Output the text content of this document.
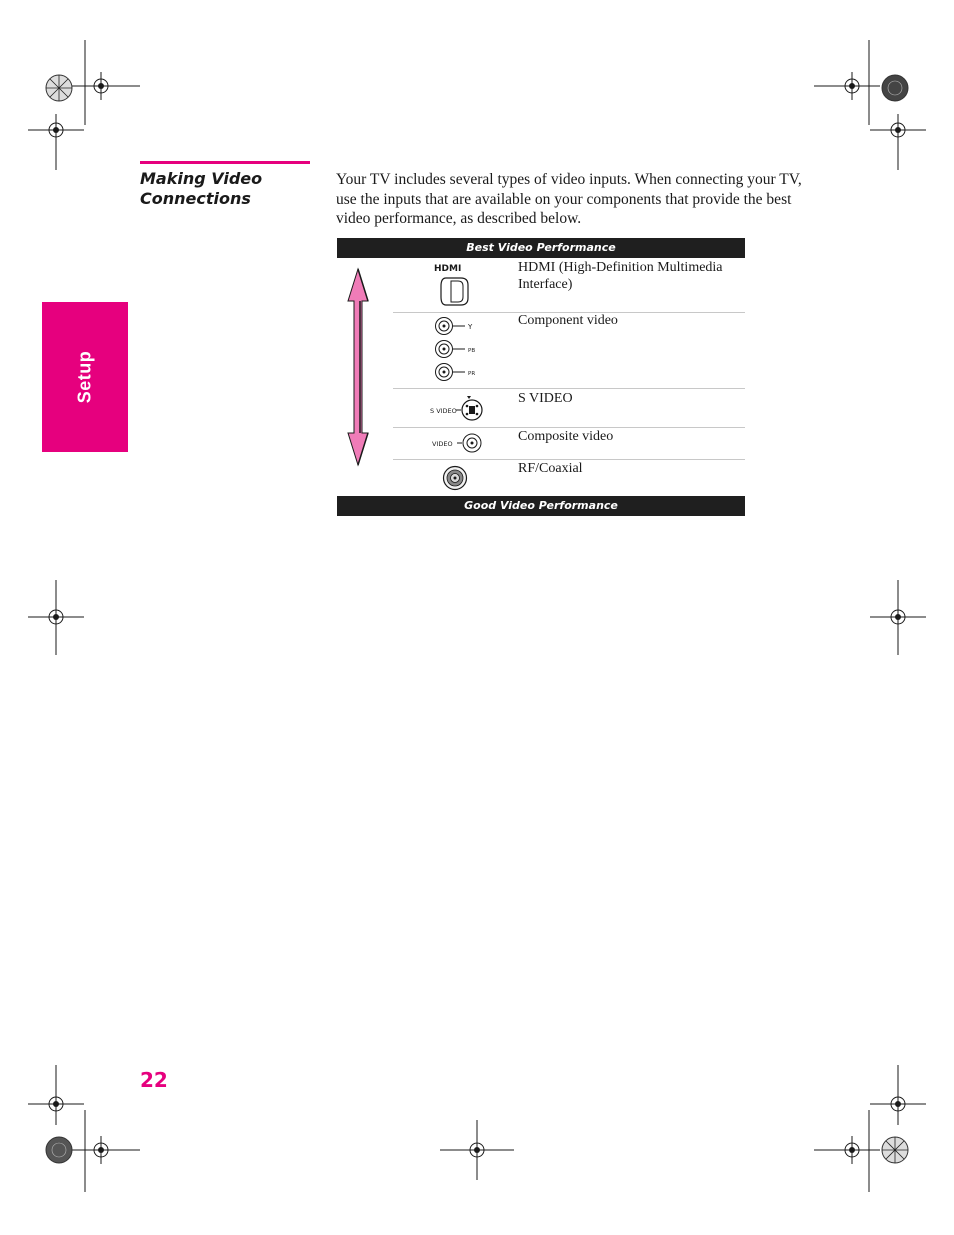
Setup
Making Video
Connections
Your TV includes several types of video inputs. When connecting your TV, use the inputs that are available on your components that provide the best video performance, as described below.
Best Video Performance
HDMI	HDMI (High-Definition Multimedia Interface)
Y
PB
PR
Component video
S VIDEO
S VIDEO
VIDEO	Composite video
RF/Coaxial
Good Video Performance
22
